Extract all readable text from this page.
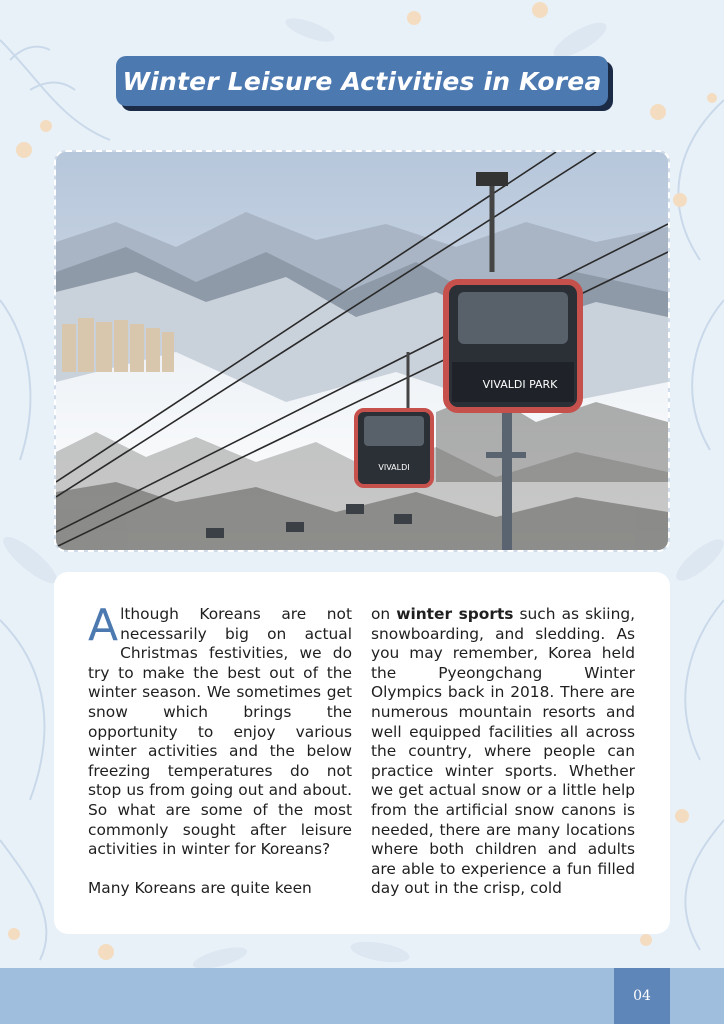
Winter Leisure Activities in Korea
VIVALDI PARK
VIVALDI

Although Koreans are not necessarily big on actual Christmas festivities, we do try to make the best out of the winter season. We sometimes get snow which brings the opportunity to enjoy various winter activities and the below freezing temperatures do not stop us from going out and about. So what are some of the most commonly sought after leisure activities in winter for Koreans?

Many Koreans are quite keen

on winter sports such as skiing, snowboarding, and sledding. As you may remember, Korea held the Pyeongchang Winter Olympics back in 2018. There are numerous mountain resorts and well equipped facilities all across the country, where people can practice winter sports. Whether we get actual snow or a little help from the artificial snow canons is needed, there are many locations where both children and adults are able to experience a fun filled day out in the crisp, cold

04
